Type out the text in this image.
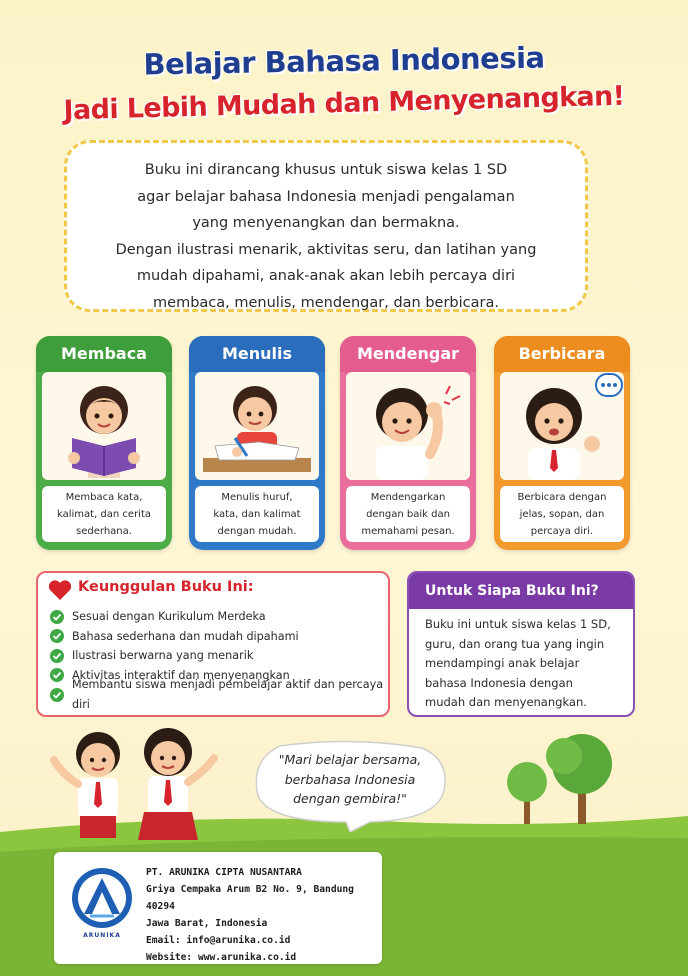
Belajar Bahasa Indonesia
Jadi Lebih Mudah dan Menyenangkan!

Buku ini dirancang khusus untuk siswa kelas 1 SD

agar belajar bahasa Indonesia menjadi pengalaman

yang menyenangkan dan bermakna.

Dengan ilustrasi menarik, aktivitas seru, dan latihan yang

mudah dipahami, anak-anak akan lebih percaya diri

membaca, menulis, mendengar, dan berbicara.

Membaca
Membaca kata,
kalimat, dan cerita
sederhana.
Menulis
Menulis huruf,
kata, dan kalimat
dengan mudah.
Mendengar
Mendengarkan
dengan baik dan
memahami pesan.
Berbicara
Berbicara dengan
jelas, sopan, dan
percaya diri.
Keunggulan Buku Ini:
Sesuai dengan Kurikulum Merdeka
Bahasa sederhana dan mudah dipahami
Ilustrasi berwarna yang menarik
Aktivitas interaktif dan menyenangkan
Membantu siswa menjadi pembelajar aktif dan percaya diri
Untuk Siapa Buku Ini?
Buku ini untuk siswa kelas 1 SD,
guru, dan orang tua yang ingin
mendampingi anak belajar
bahasa Indonesia dengan
mudah dan menyenangkan.
"Mari belajar bersama,
berbahasa Indonesia
dengan gembira!"
ARUNIKA
PT. ARUNIKA CIPTA NUSANTARA
Griya Cempaka Arum B2 No. 9, Bandung 40294
Jawa Barat, Indonesia
Email: info@arunika.co.id
Website: www.arunika.co.id
